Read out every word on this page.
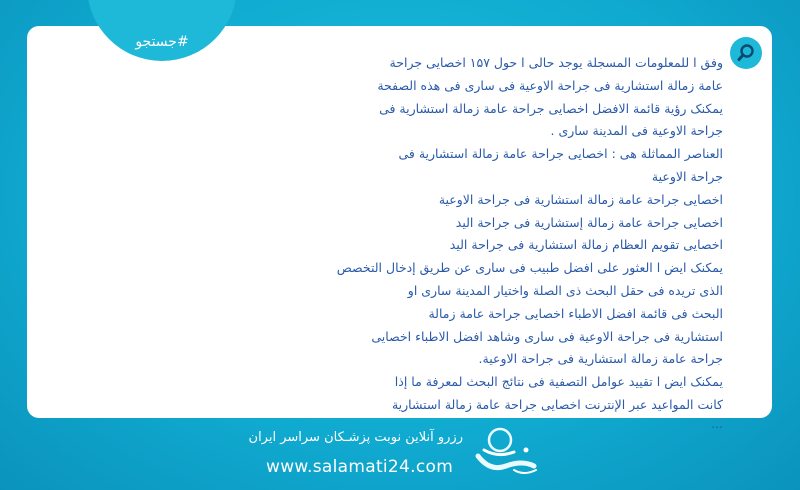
#جستجو
وفق ا للمعلومات المسجلة یوجد حالی ا حول ۱۵۷ اخصایی جراحة
عامة زمالة استشاریة فی جراحة الاوعیة فی ساری فی هذه الصفحة
یمکنک رؤیة قائمة الافضل اخصایی جراحة عامة زمالة استشاریة فی
جراحة الاوعیة فی المدینة ساری .
العناصر المماثلة هی : اخصایی جراحة عامة زمالة استشاریة فی
جراحة الاوعیة
اخصایی جراحة عامة زمالة استشاریة فی جراحة الاوعیة
اخصایی جراحة عامة زمالة إستشاریة فی جراحة الید
اخصایی تقویم العظام زمالة استشاریة فی جراحة الید
یمکنک ایض ا العثور علی افضل طبیب فی ساری عن طریق إدخال التخصص
الذی تریده فی حقل البحث ذی الصلة واختیار المدینة ساری او
البحث فی قائمة افضل الاطباء اخصایی جراحة عامة زمالة
استشاریة فی جراحة الاوعیة فی ساری وشاهد افضل الاطباء اخصایی
جراحة عامة زمالة استشاریة فی جراحة الاوعیة.
یمکنک ایض ا تقیید عوامل التصفیة فی نتائج البحث لمعرفة ما إذا
کانت المواعید عبر الإنترنت اخصایی جراحة عامة زمالة استشاریة
...
رزرو آنلاین نوبت پزشـکان سراسر ایران
www.salamati24.com
